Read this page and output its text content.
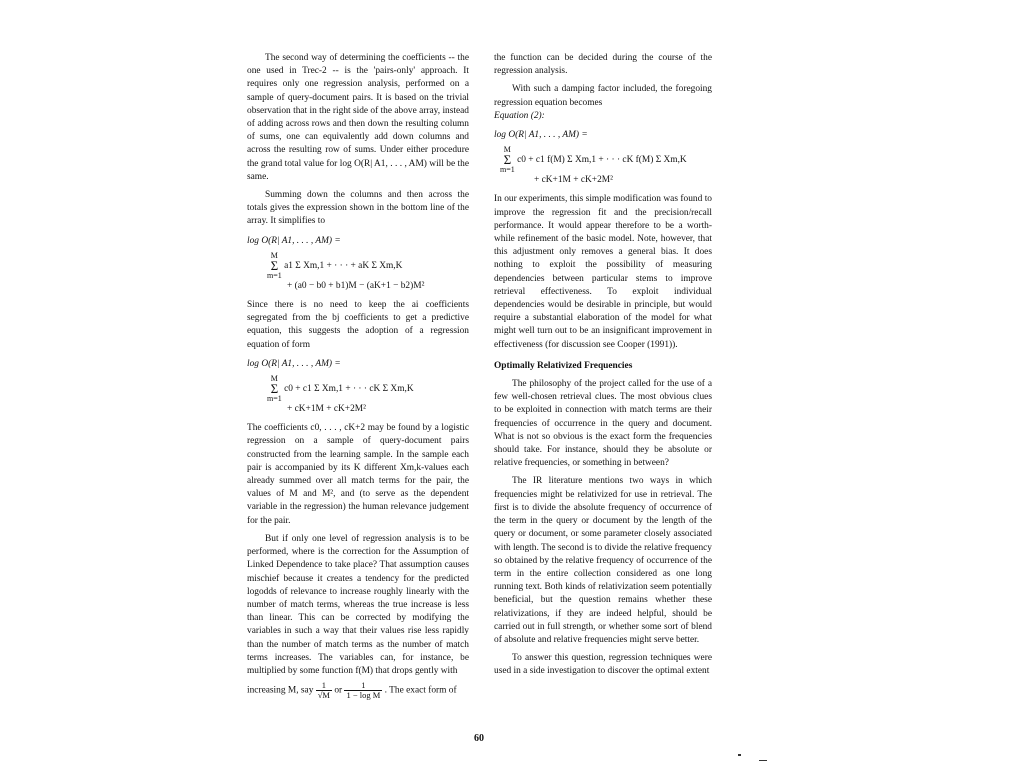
The second way of determining the coefficients -- the one used in Trec-2 -- is the 'pairs-only' approach. It requires only one regression analysis, performed on a sample of query-document pairs. It is based on the trivial observation that in the right side of the above array, instead of adding across rows and then down the resulting column of sums, one can equivalently add down columns and across the resulting row of sums. Under either procedure the grand total value for log O(R| A1, . . . , AM) will be the same.

Summing down the columns and then across the totals gives the expression shown in the bottom line of the array. It simplifies to

log O(R| A1, . . . , AM) =
M
Σ
m=1 a1 Σ Xm,1 + · · · + aK Σ Xm,K
+ (a0 − b0 + b1)M − (aK+1 − b2)M²

Since there is no need to keep the ai coefficients segregated from the bj coefficients to get a predictive equation, this suggests the adoption of a regression equation of form

log O(R| A1, . . . , AM) =
M
Σ
m=1 c0 + c1 Σ Xm,1 + · · · cK Σ Xm,K
+ cK+1M + cK+2M²

The coefficients c0, . . . , cK+2 may be found by a logistic regression on a sample of query-document pairs constructed from the learning sample. In the sample each pair is accompanied by its K different Xm,k-values each already summed over all match terms for the pair, the values of M and M², and (to serve as the dependent variable in the regression) the human relevance judgement for the pair.

But if only one level of regression analysis is to be performed, where is the correction for the Assumption of Linked Dependence to take place? That assumption causes mischief because it creates a tendency for the predicted logodds of relevance to increase roughly linearly with the number of match terms, whereas the true increase is less than linear. This can be corrected by modifying the variables in such a way that their values rise less rapidly than the number of match terms as the number of match terms increases. The variables can, for instance, be multiplied by some function f(M) that drops gently with

increasing M, say $\frac{1}{√M}$ or $\frac{1}{\text{1 − log M}}$ . The exact form of

the function can be decided during the course of the regression analysis.

With such a damping factor included, the foregoing regression equation becomes

Equation (2):

log O(R| A1, . . . , AM) =
M
Σ
m=1 c0 + c1 f(M) Σ Xm,1 + · · · cK f(M) Σ Xm,K
+ cK+1M + cK+2M²

In our experiments, this simple modification was found to improve the regression fit and the precision/recall performance. It would appear therefore to be a worth-while refinement of the basic model. Note, however, that this adjustment only removes a general bias. It does nothing to exploit the possibility of measuring dependencies between particular stems to improve retrieval effectiveness. To exploit individual dependencies would be desirable in principle, but would require a substantial elaboration of the model for what might well turn out to be an insignificant improvement in effectiveness (for discussion see Cooper (1991)).

Optimally Relativized Frequencies

The philosophy of the project called for the use of a few well-chosen retrieval clues. The most obvious clues to be exploited in connection with match terms are their frequencies of occurrence in the query and document. What is not so obvious is the exact form the frequencies should take. For instance, should they be absolute or relative frequencies, or something in between?

The IR literature mentions two ways in which frequencies might be relativized for use in retrieval. The first is to divide the absolute frequency of occurrence of the term in the query or document by the length of the query or document, or some parameter closely associated with length. The second is to divide the relative frequency so obtained by the relative frequency of occurrence of the term in the entire collection considered as one long running text. Both kinds of relativization seem potentially beneficial, but the question remains whether these relativizations, if they are indeed helpful, should be carried out in full strength, or whether some sort of blend of absolute and relative frequencies might serve better.

To answer this question, regression techniques were used in a side investigation to discover the optimal extent

60
